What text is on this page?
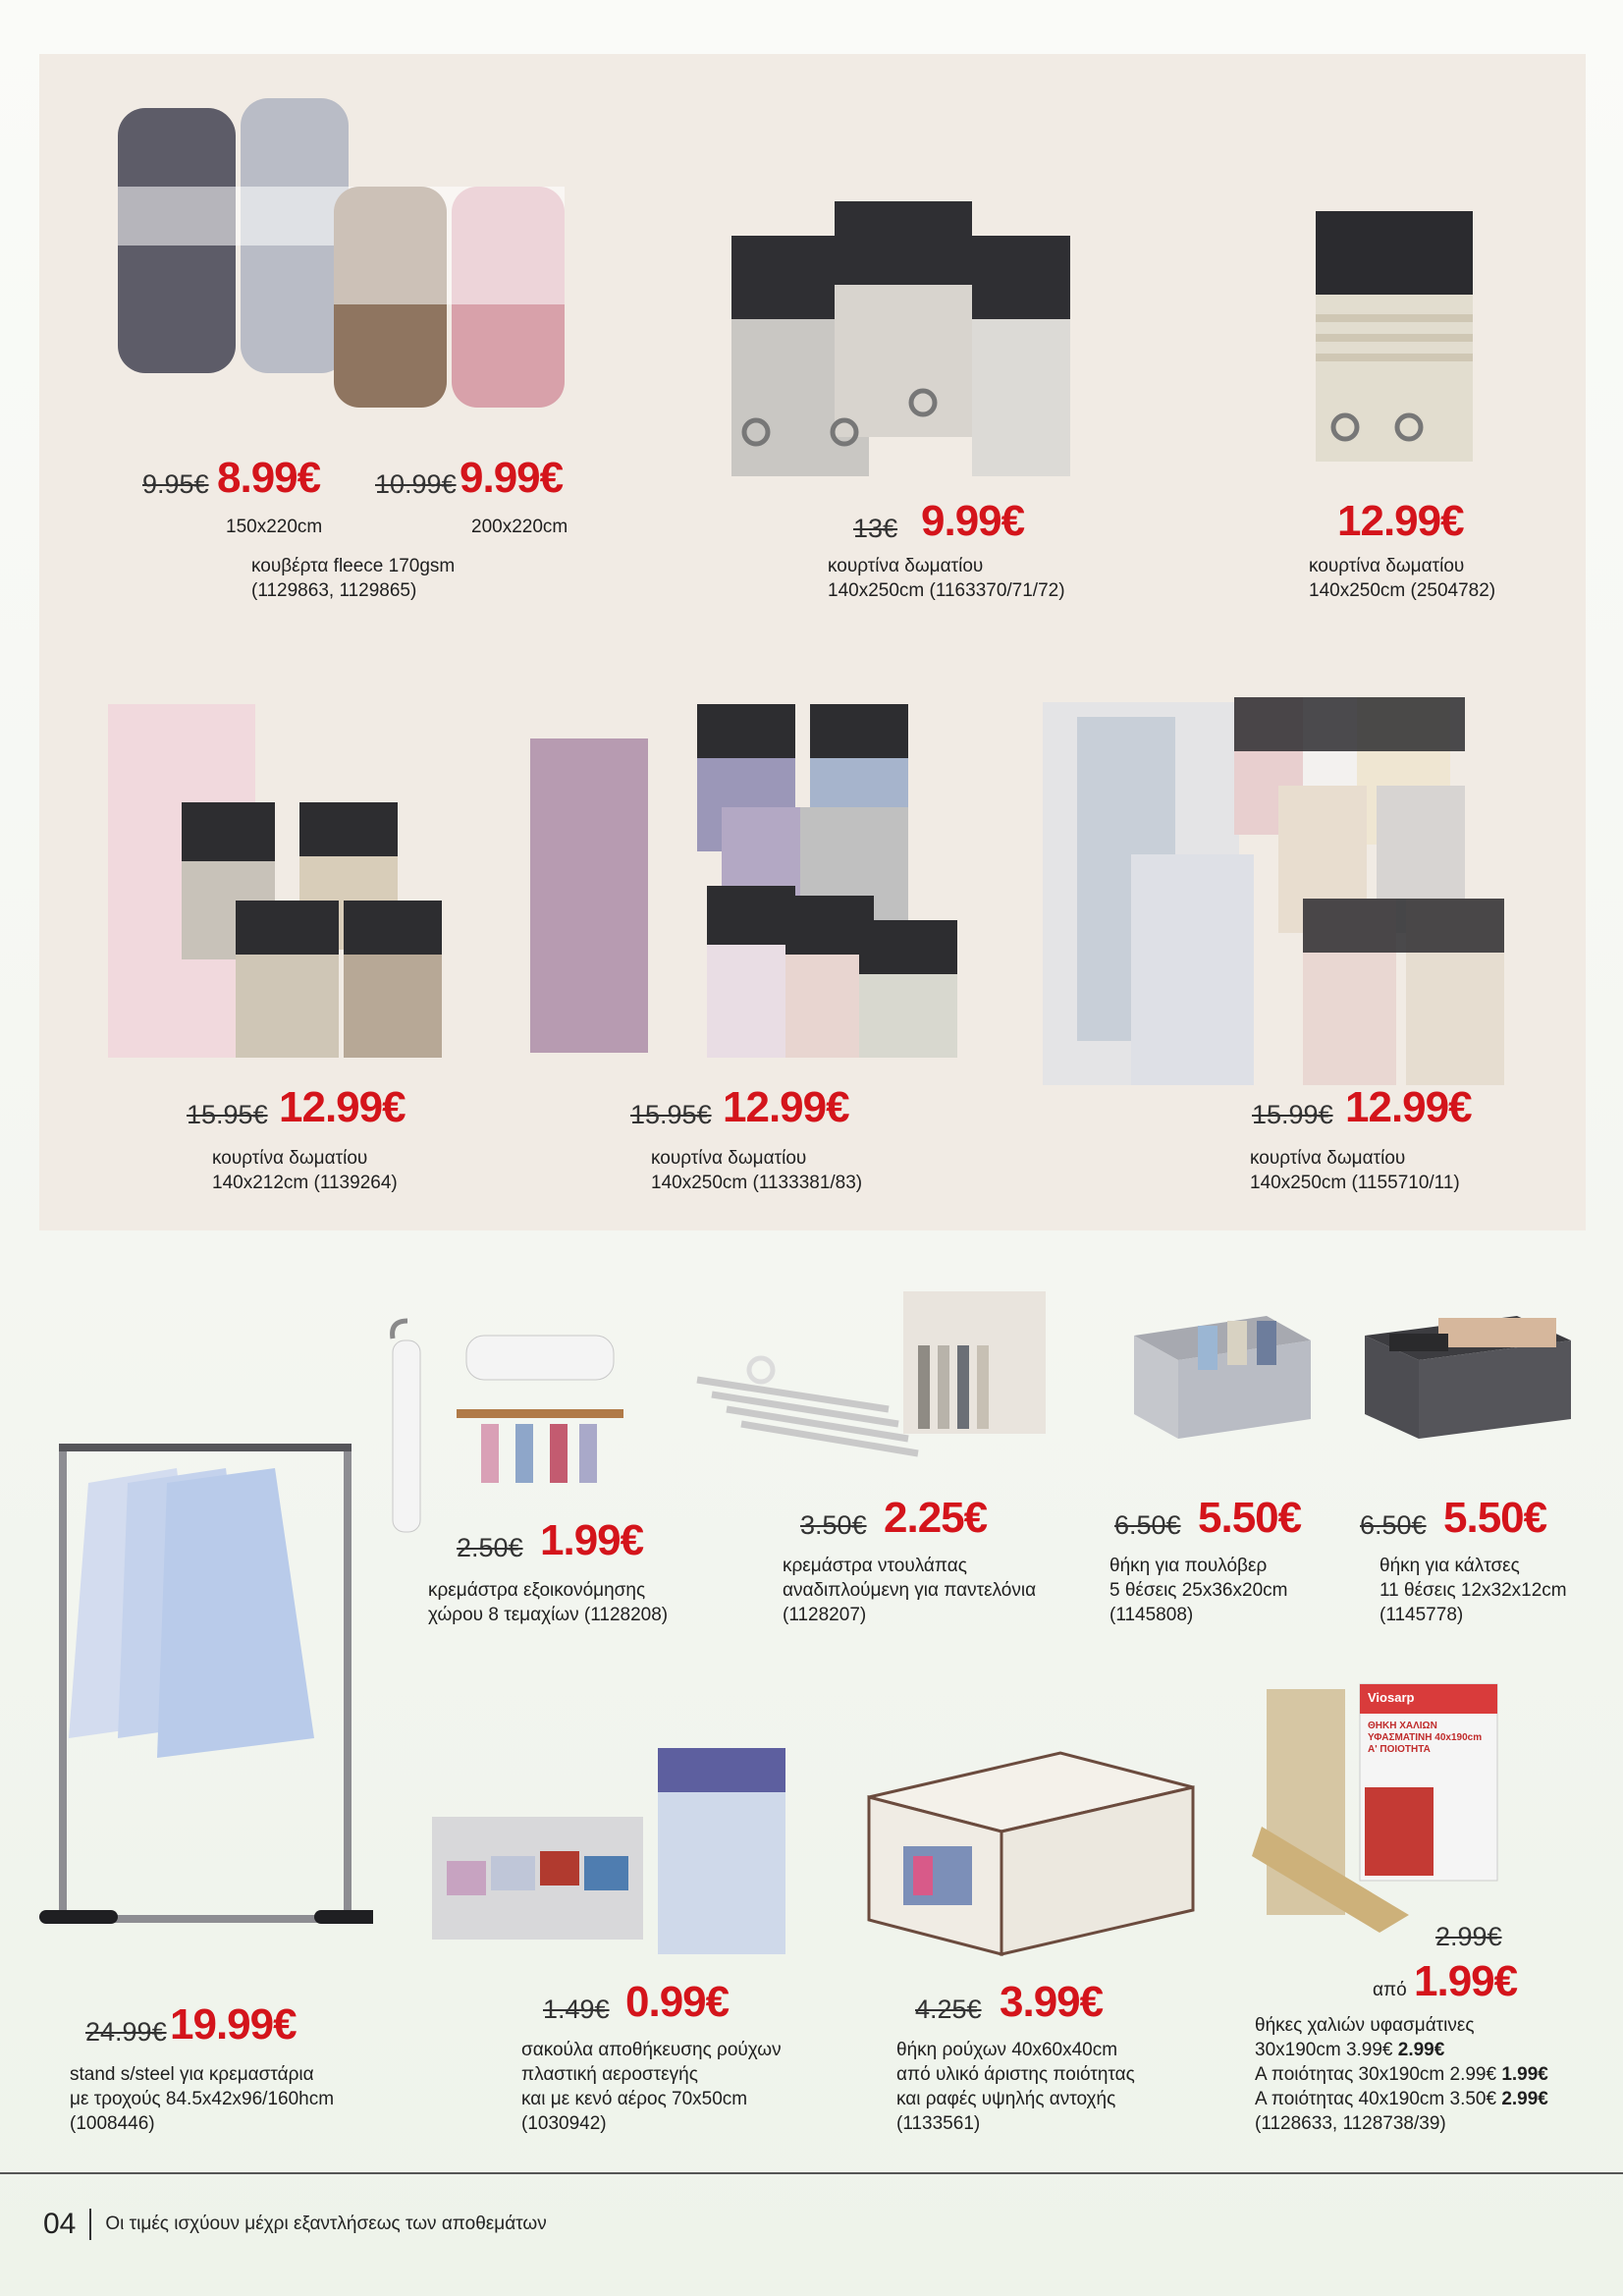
9.95€ 8.99€ 10.99€ 9.99€
150x220cm	200x220cm
κουβέρτα fleece 170gsm
(1129863, 1129865)
13€ 9.99€
κουρτίνα δωματίου
140x250cm (1163370/71/72)
12.99€
κουρτίνα δωματίου
140x250cm (2504782)
15.95€ 12.99€
κουρτίνα δωματίου
140x212cm (1139264)
15.95€ 12.99€
κουρτίνα δωματίου
140x250cm (1133381/83)
15.99€ 12.99€
κουρτίνα δωματίου
140x250cm (1155710/11)
2.50€ 1.99€
κρεμάστρα εξοικονόμησης
χώρου 8 τεμαχίων (1128208)
3.50€ 2.25€
κρεμάστρα ντουλάπας
αναδιπλούμενη για παντελόνια
(1128207)
6.50€ 5.50€
θήκη για πουλόβερ
5 θέσεις 25x36x20cm
(1145808)
6.50€ 5.50€
θήκη για κάλτσες
11 θέσεις 12x32x12cm
(1145778)
24.99€ 19.99€
stand s/steel για κρεμαστάρια
με τροχούς 84.5x42x96/160hcm
(1008446)
1.49€ 0.99€
σακούλα αποθήκευσης ρούχων
πλαστική αεροστεγής
και με κενό αέρος 70x50cm
(1030942)
4.25€ 3.99€
θήκη ρούχων 40x60x40cm
από υλικό άριστης ποιότητας
και ραφές υψηλής αντοχής
(1133561)
Viosarp
ΘΗΚΗ ΧΑΛΙΩΝ ΥΦΑΣΜΑΤΙΝΗ 40x190cm Α' ΠΟΙΟΤΗΤΑ
2.99€
από 1.99€
θήκες χαλιών υφασμάτινες
30x190cm 3.99€ 2.99€
Α ποιότητας 30x190cm 2.99€ 1.99€
Α ποιότητας 40x190cm 3.50€ 2.99€
(1128633, 1128738/39)
04 Οι τιμές ισχύουν μέχρι εξαντλήσεως των αποθεμάτων
